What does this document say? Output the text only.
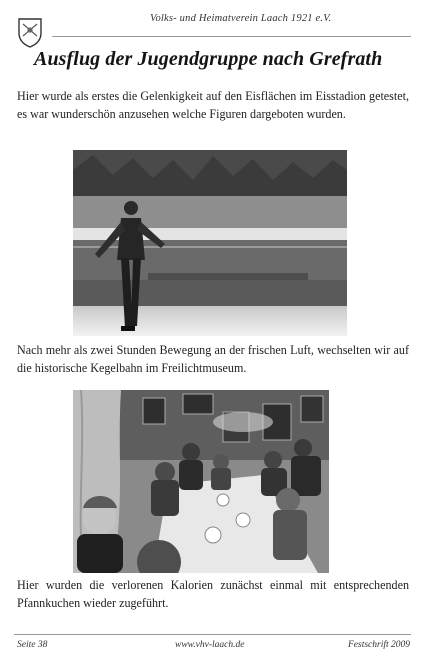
Volks- und Heimatverein Laach 1921 e.V.
Ausflug der Jugendgruppe nach Grefrath

Hier wurde als erstes die Gelenkigkeit auf den Eisflächen im Eisstadion getestet, es war wunderschön anzusehen welche Figuren dargeboten wurden.

Nach mehr als zwei Stunden Bewegung an der frischen Luft, wechselten wir auf die historische Kegelbahn im Freilichtmuseum.

Hier wurden die verlorenen Kalorien zunächst einmal mit entsprechenden Pfannkuchen wieder zugeführt.

Seite 38	www.vhv-laach.de	Festschrift 2009
